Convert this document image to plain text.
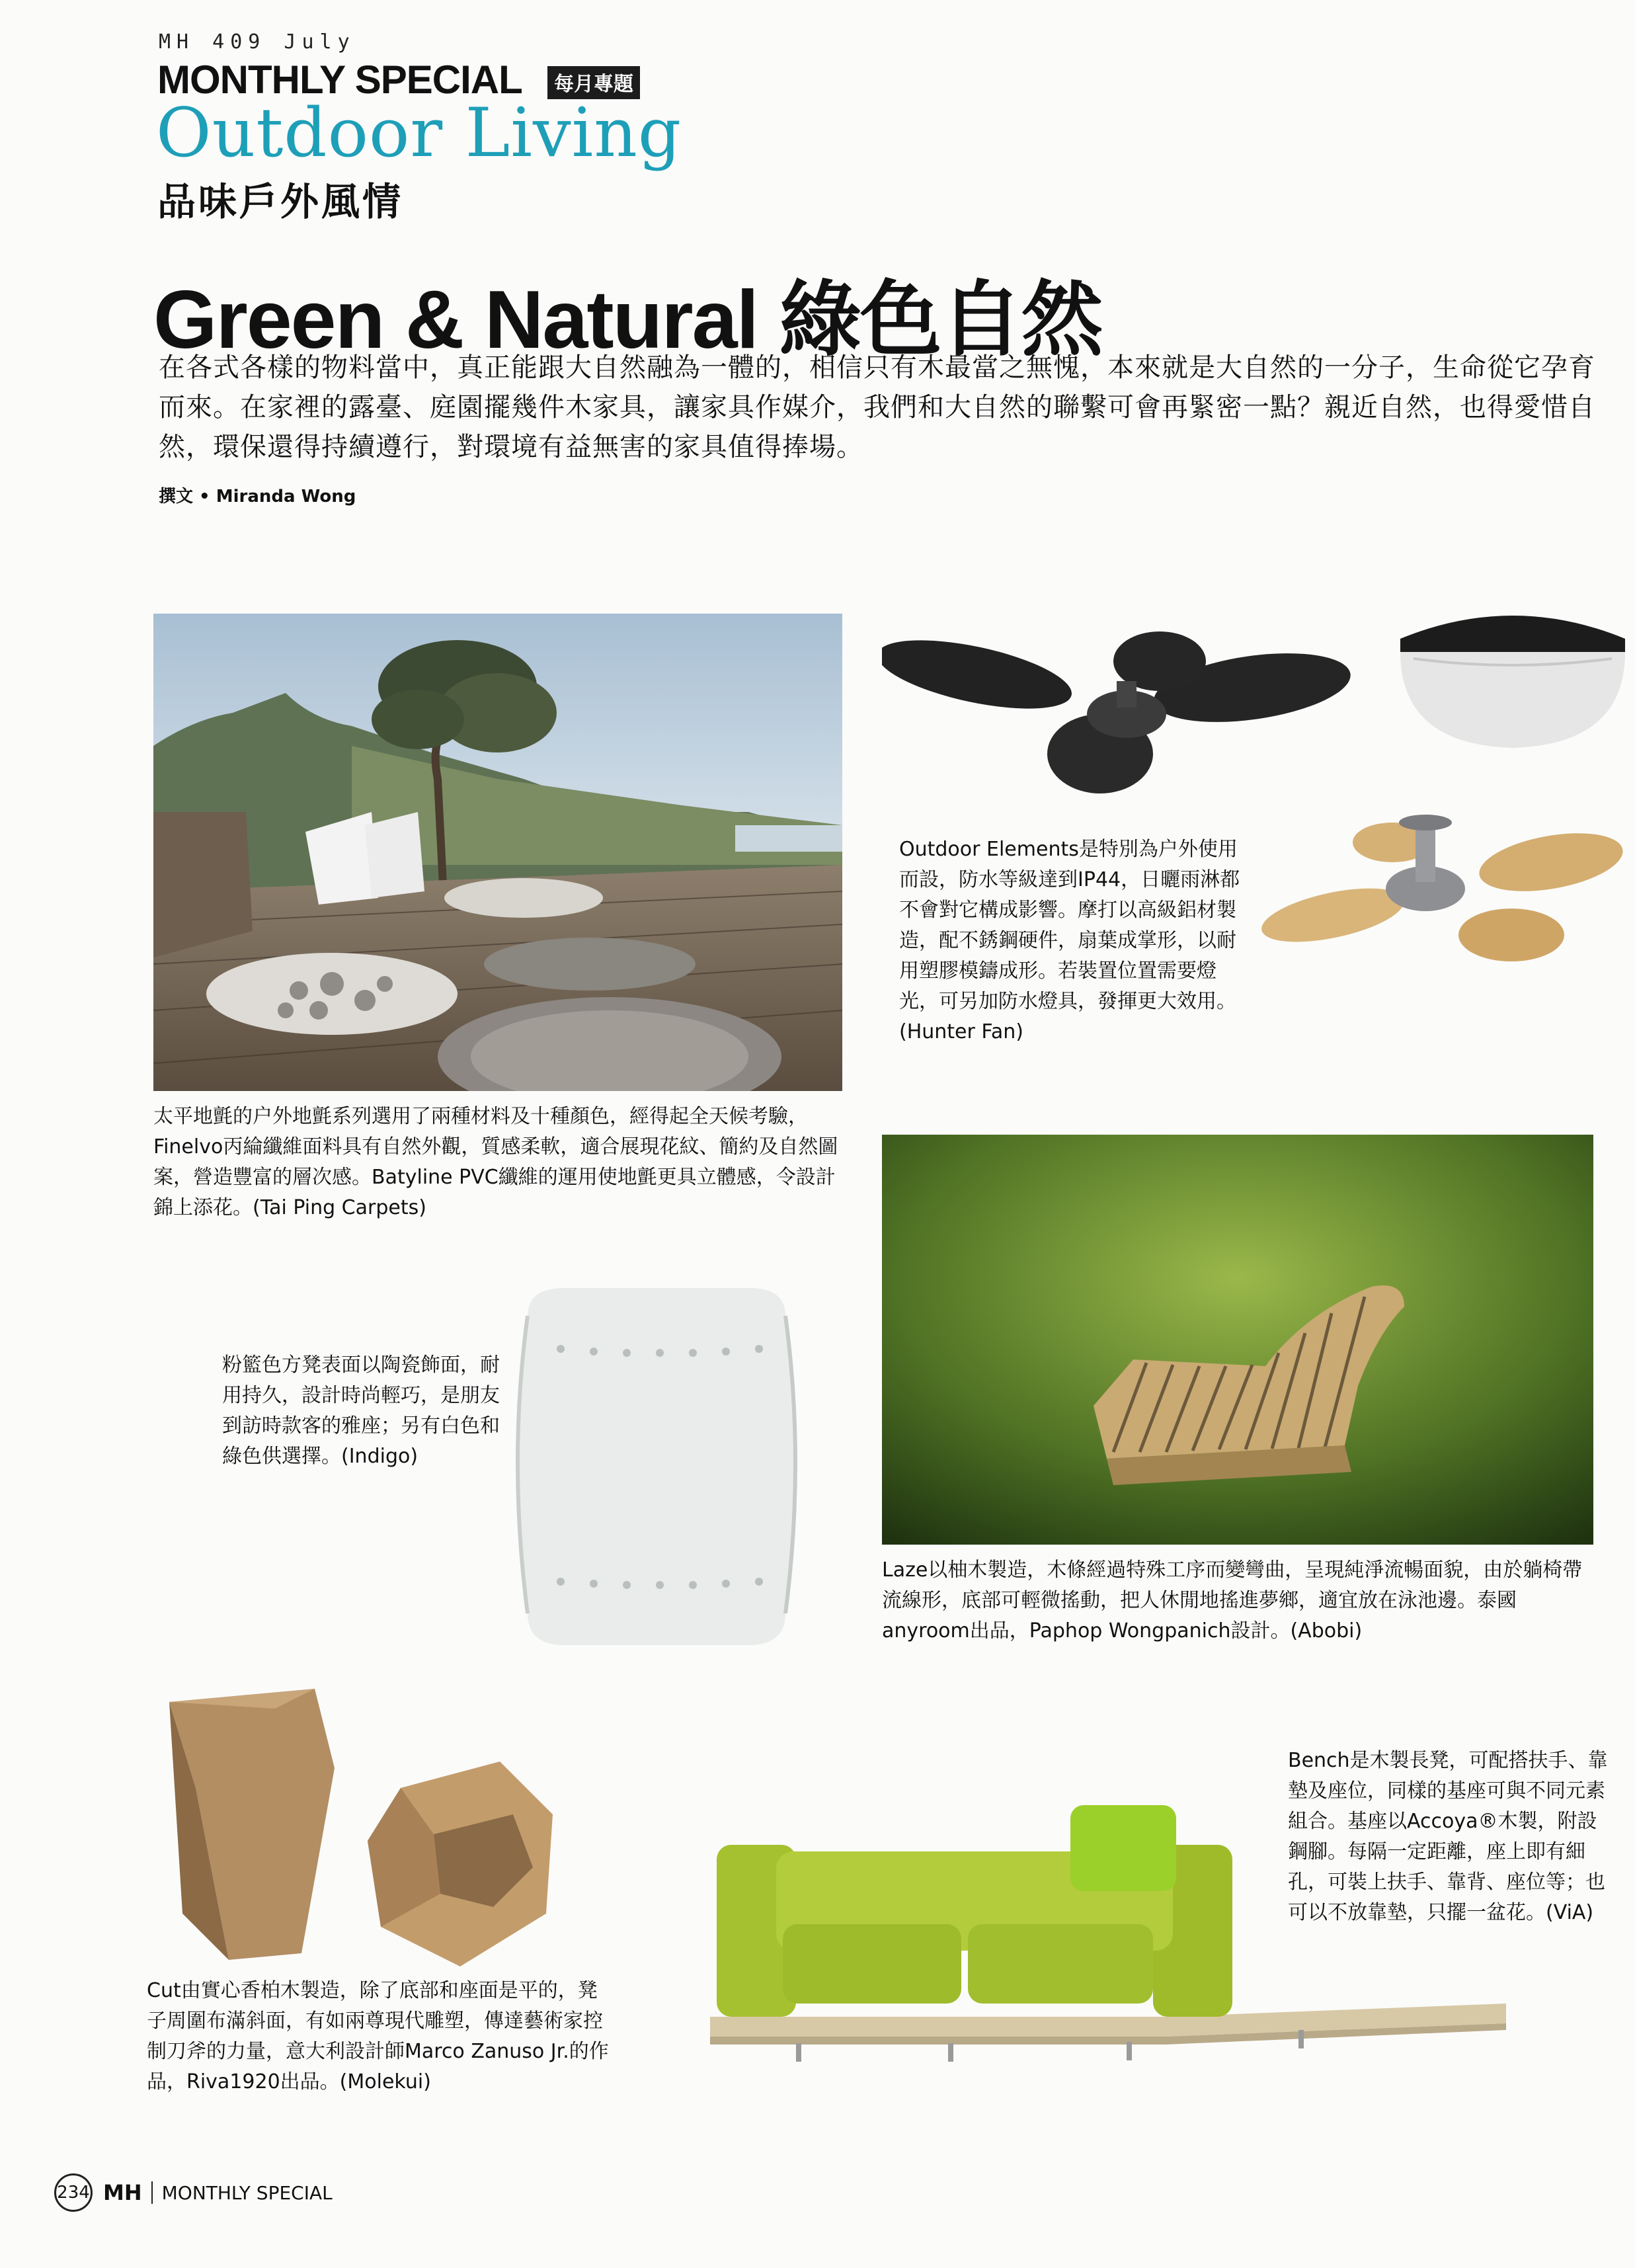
MH 409 July
MONTHLY SPECIAL	每月專題
Outdoor Living
品味戶外風情
Green & Natural 綠色自然
在各式各樣的物料當中，真正能跟大自然融為一體的，相信只有木最當之無愧，本來就是大自然的一分子，生命從它孕育而來。在家裡的露臺、庭園擺幾件木家具，讓家具作媒介，我們和大自然的聯繫可會再緊密一點？親近自然，也得愛惜自然，環保還得持續遵行，對環境有益無害的家具值得捧場。
撰文 • Miranda Wong
太平地氈的户外地氈系列選用了兩種材料及十種顏色，經得起全天候考驗， Finelvo丙綸纖維面料具有自然外觀，質感柔軟，適合展現花紋、簡約及自然圖案，營造豐富的層次感。Batyline PVC纖維的運用使地氈更具立體感，令設計錦上添花。(Tai Ping Carpets)
Outdoor Elements是特別為户外使用而設，防水等級達到IP44，日曬雨淋都不會對它構成影響。摩打以高級鋁材製造，配不銹鋼硬件，扇葉成掌形，以耐用塑膠模鑄成形。若裝置位置需要燈光，可另加防水燈具，發揮更大效用。(Hunter Fan)
Laze以柚木製造，木條經過特殊工序而變彎曲，呈現純淨流暢面貌，由於躺椅帶流線形，底部可輕微搖動，把人休閒地搖進夢鄉，適宜放在泳池邊。泰國anyroom出品，Paphop Wongpanich設計。(Abobi)
粉籃色方凳表面以陶瓷飾面，耐用持久，設計時尚輕巧，是朋友到訪時款客的雅座；另有白色和綠色供選擇。(Indigo)
Cut由實心香柏木製造，除了底部和座面是平的，凳子周圍布滿斜面，有如兩尊現代雕塑，傳達藝術家控制刀斧的力量，意大利設計師Marco Zanuso Jr.的作品，Riva1920出品。(Molekui)
Bench是木製長凳，可配搭扶手、靠墊及座位，同樣的基座可與不同元素組合。基座以Accoya®木製，附設鋼腳。每隔一定距離，座上即有細孔，可裝上扶手、靠背、座位等；也可以不放靠墊，只擺一盆花。(ViA)
234 MH MONTHLY SPECIAL
